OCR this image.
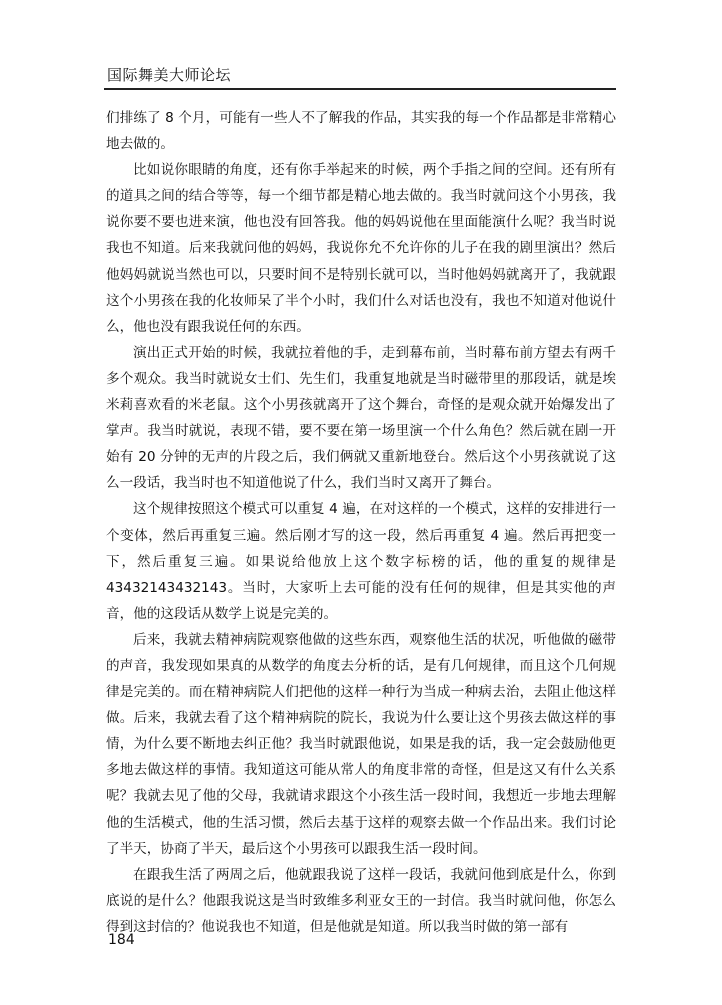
国际舞美大师论坛

们排练了 8 个月，可能有一些人不了解我的作品，其实我的每一个作品都是非常精心地去做的。

比如说你眼睛的角度，还有你手举起来的时候，两个手指之间的空间。还有所有的道具之间的结合等等，每一个细节都是精心地去做的。我当时就问这个小男孩，我说你要不要也进来演，他也没有回答我。他的妈妈说他在里面能演什么呢？我当时说我也不知道。后来我就问他的妈妈，我说你允不允许你的儿子在我的剧里演出？然后他妈妈就说当然也可以，只要时间不是特别长就可以，当时他妈妈就离开了，我就跟这个小男孩在我的化妆师呆了半个小时，我们什么对话也没有，我也不知道对他说什么，他也没有跟我说任何的东西。

演出正式开始的时候，我就拉着他的手，走到幕布前，当时幕布前方望去有两千多个观众。我当时就说女士们、先生们，我重复地就是当时磁带里的那段话，就是埃米莉喜欢看的米老鼠。这个小男孩就离开了这个舞台，奇怪的是观众就开始爆发出了掌声。我当时就说，表现不错，要不要在第一场里演一个什么角色？然后就在剧一开始有 20 分钟的无声的片段之后，我们俩就又重新地登台。然后这个小男孩就说了这么一段话，我当时也不知道他说了什么，我们当时又离开了舞台。

这个规律按照这个模式可以重复 4 遍，在对这样的一个模式，这样的安排进行一个变体，然后再重复三遍。然后刚才写的这一段，然后再重复 4 遍。然后再把变一下，然后重复三遍。如果说给他放上这个数字标榜的话，他的重复的规律是43432143432143。当时，大家听上去可能的没有任何的规律，但是其实他的声音，他的这段话从数学上说是完美的。

后来，我就去精神病院观察他做的这些东西，观察他生活的状况，听他做的磁带的声音，我发现如果真的从数学的角度去分析的话，是有几何规律，而且这个几何规律是完美的。而在精神病院人们把他的这样一种行为当成一种病去治，去阻止他这样做。后来，我就去看了这个精神病院的院长，我说为什么要让这个男孩去做这样的事情，为什么要不断地去纠正他？我当时就跟他说，如果是我的话，我一定会鼓励他更多地去做这样的事情。我知道这可能从常人的角度非常的奇怪，但是这又有什么关系呢？我就去见了他的父母，我就请求跟这个小孩生活一段时间，我想近一步地去理解他的生活模式，他的生活习惯，然后去基于这样的观察去做一个作品出来。我们讨论了半天，协商了半天，最后这个小男孩可以跟我生活一段时间。

在跟我生活了两周之后，他就跟我说了这样一段话，我就问他到底是什么，你到底说的是什么？他跟我说这是当时致维多利亚女王的一封信。我当时就问他，你怎么得到这封信的？他说我也不知道，但是他就是知道。所以我当时做的第一部有

184
